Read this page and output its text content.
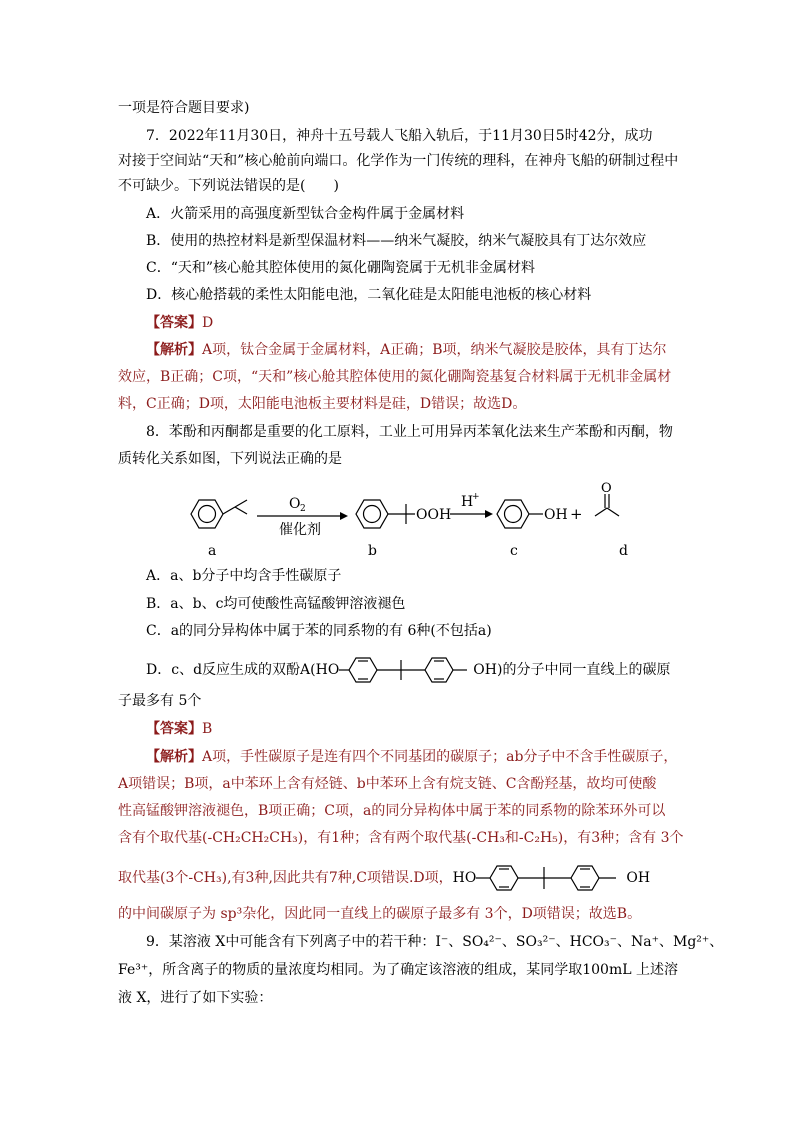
一项是符合题目要求)
7．2022年11月30日，神舟十五号载人飞船入轨后，于11月30日5时42分，成功
对接于空间站“天和”核心舱前向端口。化学作为一门传统的理科，在神舟飞船的研制过程中
不可缺少。下列说法错误的是(　　)
A．火箭采用的高强度新型钛合金构件属于金属材料
B．使用的热控材料是新型保温材料——纳米气凝胶，纳米气凝胶具有丁达尔效应
C．“天和”核心舱其腔体使用的氮化硼陶瓷属于无机非金属材料
D．核心舱搭载的柔性太阳能电池，二氧化硅是太阳能电池板的核心材料
【答案】D
【解析】A项，钛合金属于金属材料，A正确；B项，纳米气凝胶是胶体，具有丁达尔
效应，B正确；C项，“天和”核心舱其腔体使用的氮化硼陶瓷基复合材料属于无机非金属材
料，C正确；D项，太阳能电池板主要材料是硅，D错误；故选D。
8．苯酚和丙酮都是重要的化工原料，工业上可用异丙苯氧化法来生产苯酚和丙酮，物
质转化关系如图，下列说法正确的是
O 2
催化剂
OOH
H
+
OH +
O
a	b	c	d
A．a、b分子中均含手性碳原子
B．a、b、c均可使酸性高锰酸钾溶液褪色
C．a的同分异构体中属于苯的同系物的有 6种(不包括a)
D．c、d反应生成的双酚A(HO	OH)的分子中同一直线上的碳原
子最多有 5个
【答案】B
【解析】A项，手性碳原子是连有四个不同基团的碳原子；ab分子中不含手性碳原子，
A项错误；B项，a中苯环上含有烃链、b中苯环上含有烷支链、C含酚羟基，故均可使酸
性高锰酸钾溶液褪色，B项正确；C项，a的同分异构体中属于苯的同系物的除苯环外可以
含有个取代基(-CH₂CH₂CH₃)，有1种；含有两个取代基(-CH₃和-C₂H₅)，有3种；含有 3个
取代基(3个-CH₃),有3种,因此共有7种,C项错误.D项，HO	OH
的中间碳原子为 sp³杂化，因此同一直线上的碳原子最多有 3个，D项错误；故选B。
9．某溶液 X中可能含有下列离子中的若干种：I⁻、SO₄²⁻、SO₃²⁻、HCO₃⁻、Na⁺、Mg²⁺、
Fe³⁺，所含离子的物质的量浓度均相同。为了确定该溶液的组成，某同学取100mL 上述溶
液 X，进行了如下实验：
